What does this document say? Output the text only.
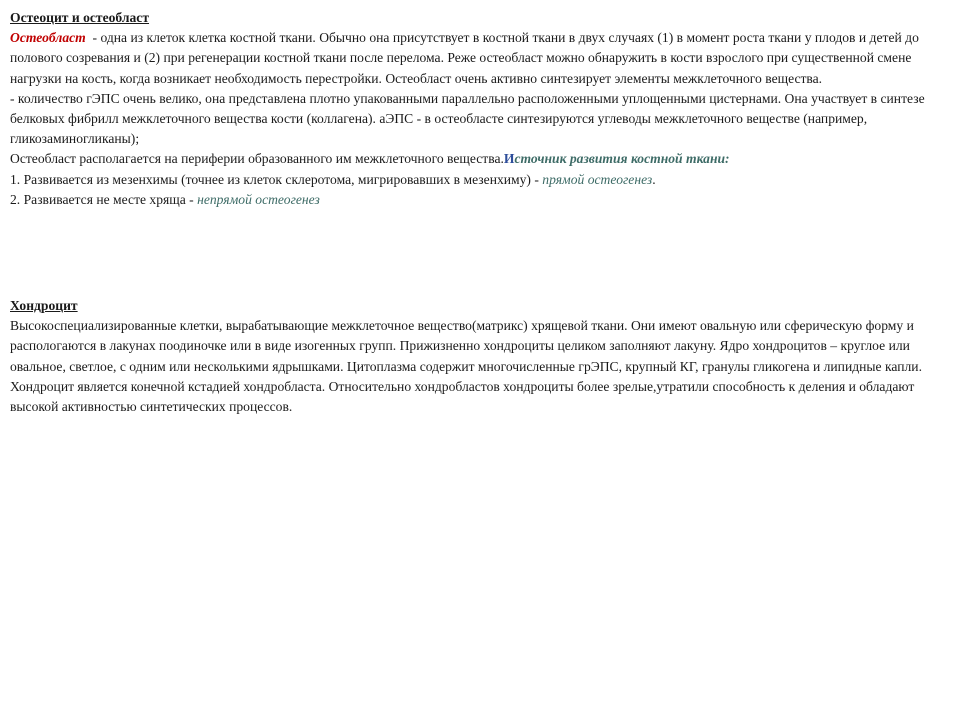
Остеоцит и остеобласт
Остеобласт  - одна из клеток клетка костной ткани. Обычно она присутствует в костной ткани в двух случаях (1) в момент роста ткани у плодов и детей до полового созревания и (2) при регенерации костной ткани после перелома. Реже остеобласт можно обнаружить в кости взрослого при существенной смене нагрузки на кость, когда возникает необходимость перестройки. Остеобласт очень активно синтезирует элементы межклеточного вещества.
- количество гЭПС очень велико, она представлена плотно упакованными параллельно расположенными уплощенными цистернами. Она участвует в синтезе белковых фибрилл межклеточного вещества кости (коллагена). аЭПС - в остеобласте синтезируются углеводы межклеточного веществе (например, гликозаминогликаны);
Остеобласт располагается на периферии образованного им межклеточного вещества.Источник развития костной ткани:
1. Развивается из мезенхимы (точнее из клеток склеротома, мигрировавших в мезенхиму) - прямой остеогенез.
2. Развивается не месте хряща - непрямой остеогенез
Хондроцит
Высокоспециализированные клетки, вырабатывающие межклеточное вещество(матрикс) хрящевой ткани. Они имеют овальную или сферическую форму и распологаются в лакунах поодиночке или в виде изогенных групп. Прижизненно хондроциты целиком заполняют лакуну. Ядро хондроцитов – круглое или овальное, светлое, с одним или несколькими ядрышками. Цитоплазма содержит многочисленные грЭПС, крупный КГ, гранулы гликогена и липидные капли. Хондроцит является конечной кстадией хондробласта. Относительно хондробластов хондроциты более зрелые,утратили способность к деления и обладают высокой активностью синтетических процессов.
